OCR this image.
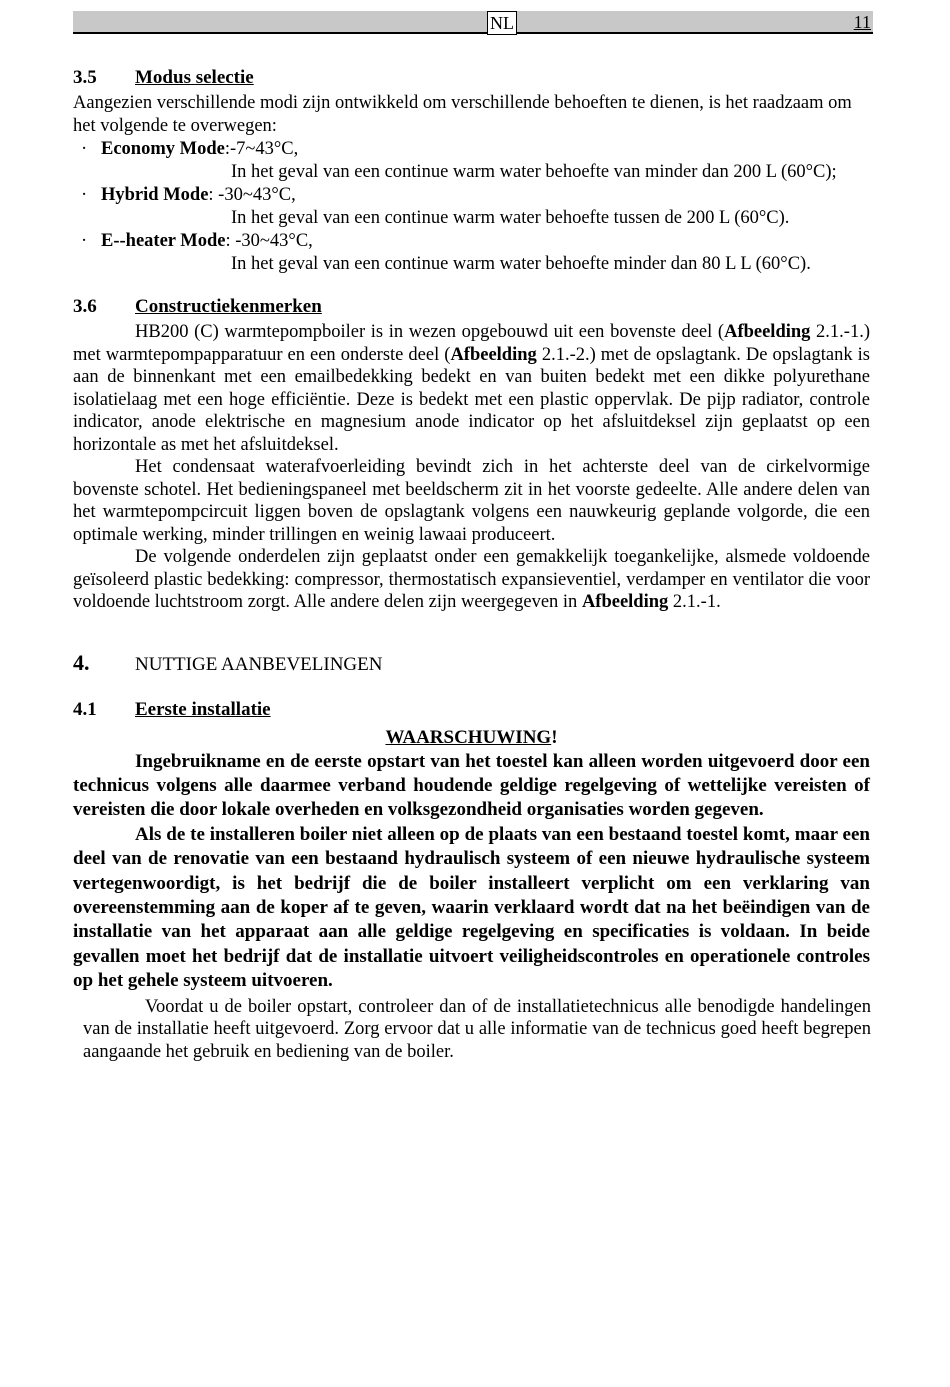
NL	11
3.5 Modus selectie

Aangezien verschillende modi zijn ontwikkeld om verschillende behoeften te dienen, is het raadzaam om het volgende te overwegen:

· Economy Mode:-7~43°C,
In het geval van een continue warm water behoefte van minder dan 200 L (60°C);
· Hybrid Mode: -30~43°C,
In het geval van een continue warm water behoefte tussen de 200 L (60°C).
· E--heater Mode: -30~43°C,
In het geval van een continue warm water behoefte minder dan 80 L L (60°C).
3.6 Constructiekenmerken

HB200 (C) warmtepompboiler is in wezen opgebouwd uit een bovenste deel (Afbeelding 2.1.-1.) met warmtepompapparatuur en een onderste deel (Afbeelding 2.1.-2.) met de opslagtank. De opslagtank is aan de binnenkant met een emailbedekking bedekt en van buiten bedekt met een dikke polyurethane isolatielaag met een hoge efficiëntie. Deze is bedekt met een plastic oppervlak. De pijp radiator, controle indicator, anode elektrische en magnesium anode indicator op het afsluitdeksel zijn geplaatst op een horizontale as met het afsluitdeksel.

Het condensaat waterafvoerleiding bevindt zich in het achterste deel van de cirkelvormige bovenste schotel. Het bedieningspaneel met beeldscherm zit in het voorste gedeelte. Alle andere delen van het warmtepompcircuit liggen boven de opslagtank volgens een nauwkeurig geplande volgorde, die een optimale werking, minder trillingen en weinig lawaai produceert.

De volgende onderdelen zijn geplaatst onder een gemakkelijk toegankelijke, alsmede voldoende geïsoleerd plastic bedekking: compressor, thermostatisch expansieventiel, verdamper en ventilator die voor voldoende luchtstroom zorgt. Alle andere delen zijn weergegeven in Afbeelding 2.1.-1.

4. NUTTIGE AANBEVELINGEN
4.1 Eerste installatie
WAARSCHUWING!

Ingebruikname en de eerste opstart van het toestel kan alleen worden uitgevoerd door een technicus volgens alle daarmee verband houdende geldige regelgeving of wettelijke vereisten of vereisten die door lokale overheden en volksgezondheid organisaties worden gegeven.

Als de te installeren boiler niet alleen op de plaats van een bestaand toestel komt, maar een deel van de renovatie van een bestaand hydraulisch systeem of een nieuwe hydraulische systeem vertegenwoordigt, is het bedrijf die de boiler installeert verplicht om een verklaring van overeenstemming aan de koper af te geven, waarin verklaard wordt dat na het beëindigen van de installatie van het apparaat aan alle geldige regelgeving en specificaties is voldaan. In beide gevallen moet het bedrijf dat de installatie uitvoert veiligheidscontroles en operationele controles op het gehele systeem uitvoeren.

Voordat u de boiler opstart, controleer dan of de installatietechnicus alle benodigde handelingen van de installatie heeft uitgevoerd. Zorg ervoor dat u alle informatie van de technicus goed heeft begrepen aangaande het gebruik en bediening van de boiler.
